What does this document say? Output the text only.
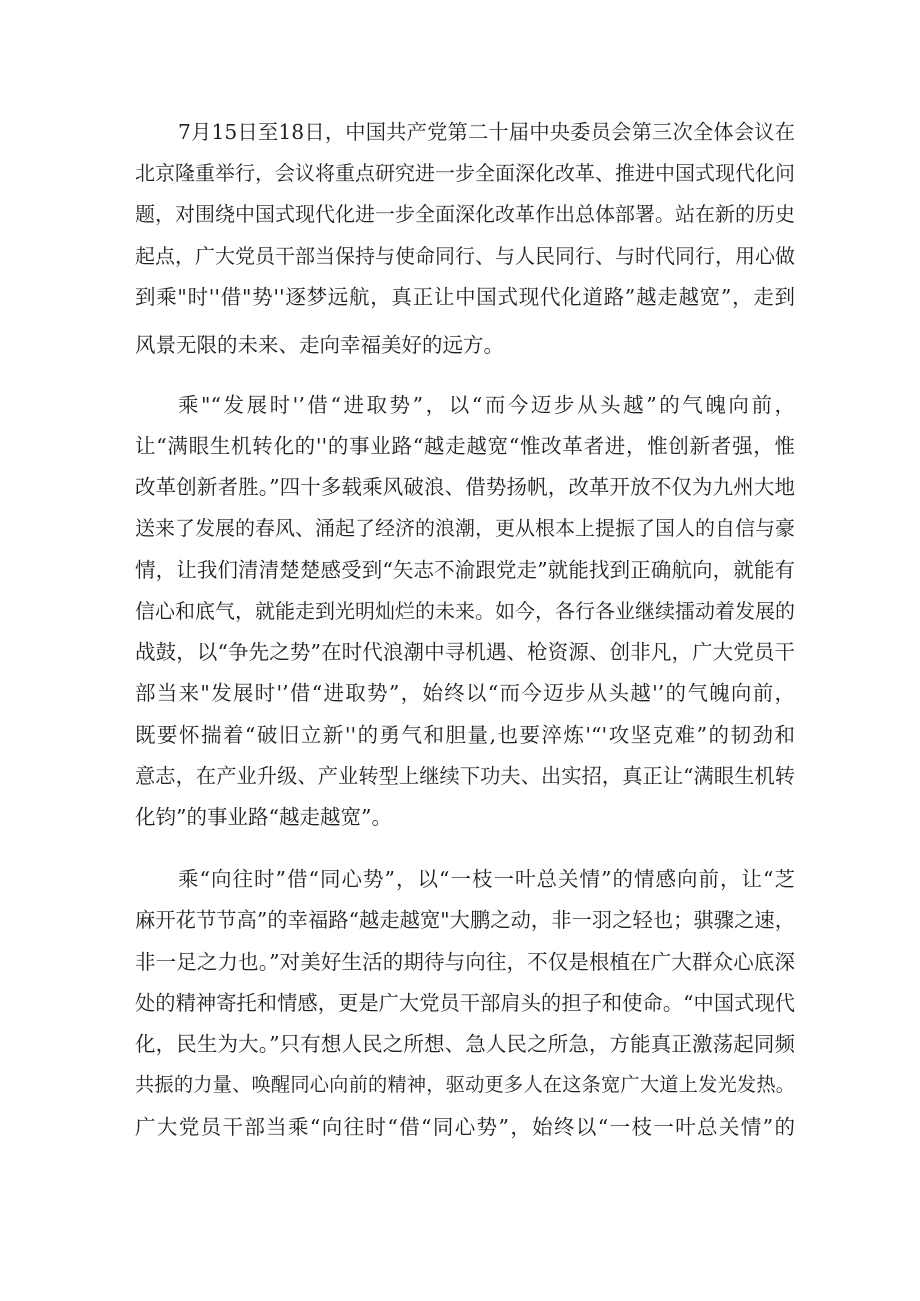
7月15日至18日，中国共产党第二十届中央委员会第三次全体会议在
北京隆重举行，会议将重点研究进一步全面深化改革、推进中国式现代化问
题，对围绕中国式现代化进一步全面深化改革作出总体部署。站在新的历史
起点，广大党员干部当保持与使命同行、与人民同行、与时代同行，用心做
到乘"时''借"势''逐梦远航，真正让中国式现代化道路”越走越宽”，走到
风景无限的未来、走向幸福美好的远方。
乘"“发展时'’借“进取势”，以“而今迈步从头越”的气魄向前，
让“满眼生机转化的''的事业路“越走越宽“惟改革者进，惟创新者强，惟
改革创新者胜。”四十多载乘风破浪、借势扬帆，改革开放不仅为九州大地
送来了发展的春风、涌起了经济的浪潮，更从根本上提振了国人的自信与豪
情，让我们清清楚楚感受到“矢志不渝跟党走”就能找到正确航向，就能有
信心和底气，就能走到光明灿烂的未来。如今，各行各业继续擂动着发展的
战鼓，以“争先之势”在时代浪潮中寻机遇、枪资源、创非凡，广大党员干
部当来"发展时'’借“进取势”，始终以“而今迈步从头越'’的气魄向前，
既要怀揣着“破旧立新''的勇气和胆量,也要淬炼'“'攻坚克难”的韧劲和
意志，在产业升级、产业转型上继续下功夫、出实招，真正让“满眼生机转
化钧”的事业路“越走越宽”。
乘“向往时”借“同心势”，以“一枝一叶总关情”的情感向前，让“芝
麻开花节节高”的幸福路“越走越宽"大鹏之动，非一羽之轻也；骐骤之速，
非一足之力也。”对美好生活的期待与向往，不仅是根植在广大群众心底深
处的精神寄托和情感，更是广大党员干部肩头的担子和使命。“中国式现代
化，民生为大。”只有想人民之所想、急人民之所急，方能真正激荡起同频
共振的力量、唤醒同心向前的精神，驱动更多人在这条宽广大道上发光发热。
广大党员干部当乘“向往时“借“同心势”，始终以“一枝一叶总关情”的
